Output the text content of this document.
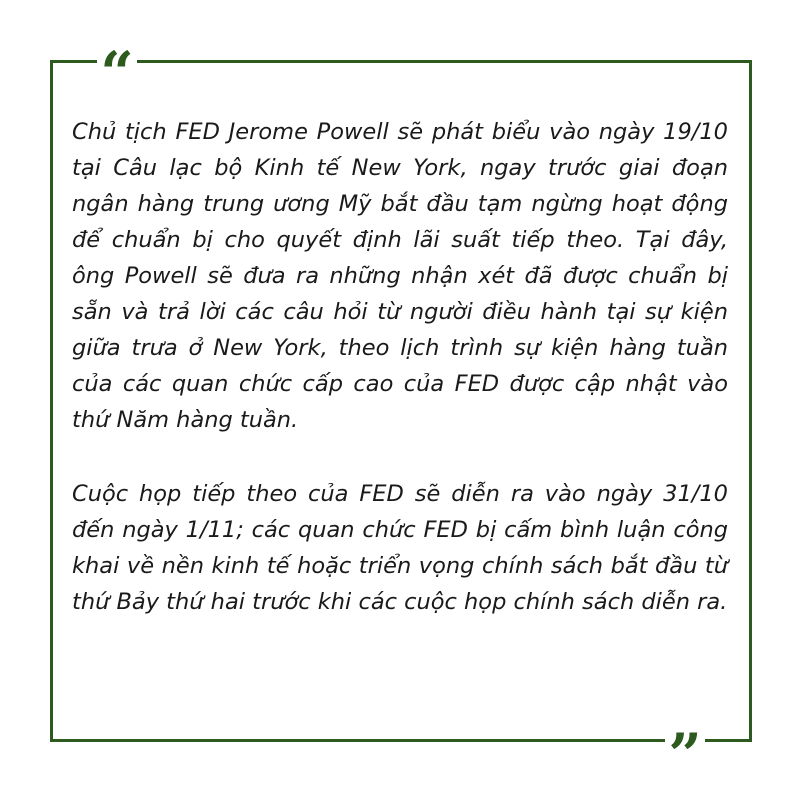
“

Chủ tịch FED Jerome Powell sẽ phát biểu vào ngày 19/10 tại Câu lạc bộ Kinh tế New York, ngay trước giai đoạn ngân hàng trung ương Mỹ bắt đầu tạm ngừng hoạt động để chuẩn bị cho quyết định lãi suất tiếp theo. Tại đây, ông Powell sẽ đưa ra những nhận xét đã được chuẩn bị sẵn và trả lời các câu hỏi từ người điều hành tại sự kiện giữa trưa ở New York, theo lịch trình sự kiện hàng tuần của các quan chức cấp cao của FED được cập nhật vào thứ Năm hàng tuần.

Cuộc họp tiếp theo của FED sẽ diễn ra vào ngày 31/10 đến ngày 1/11; các quan chức FED bị cấm bình luận công khai về nền kinh tế hoặc triển vọng chính sách bắt đầu từ thứ Bảy thứ hai trước khi các cuộc họp chính sách diễn ra.

”
